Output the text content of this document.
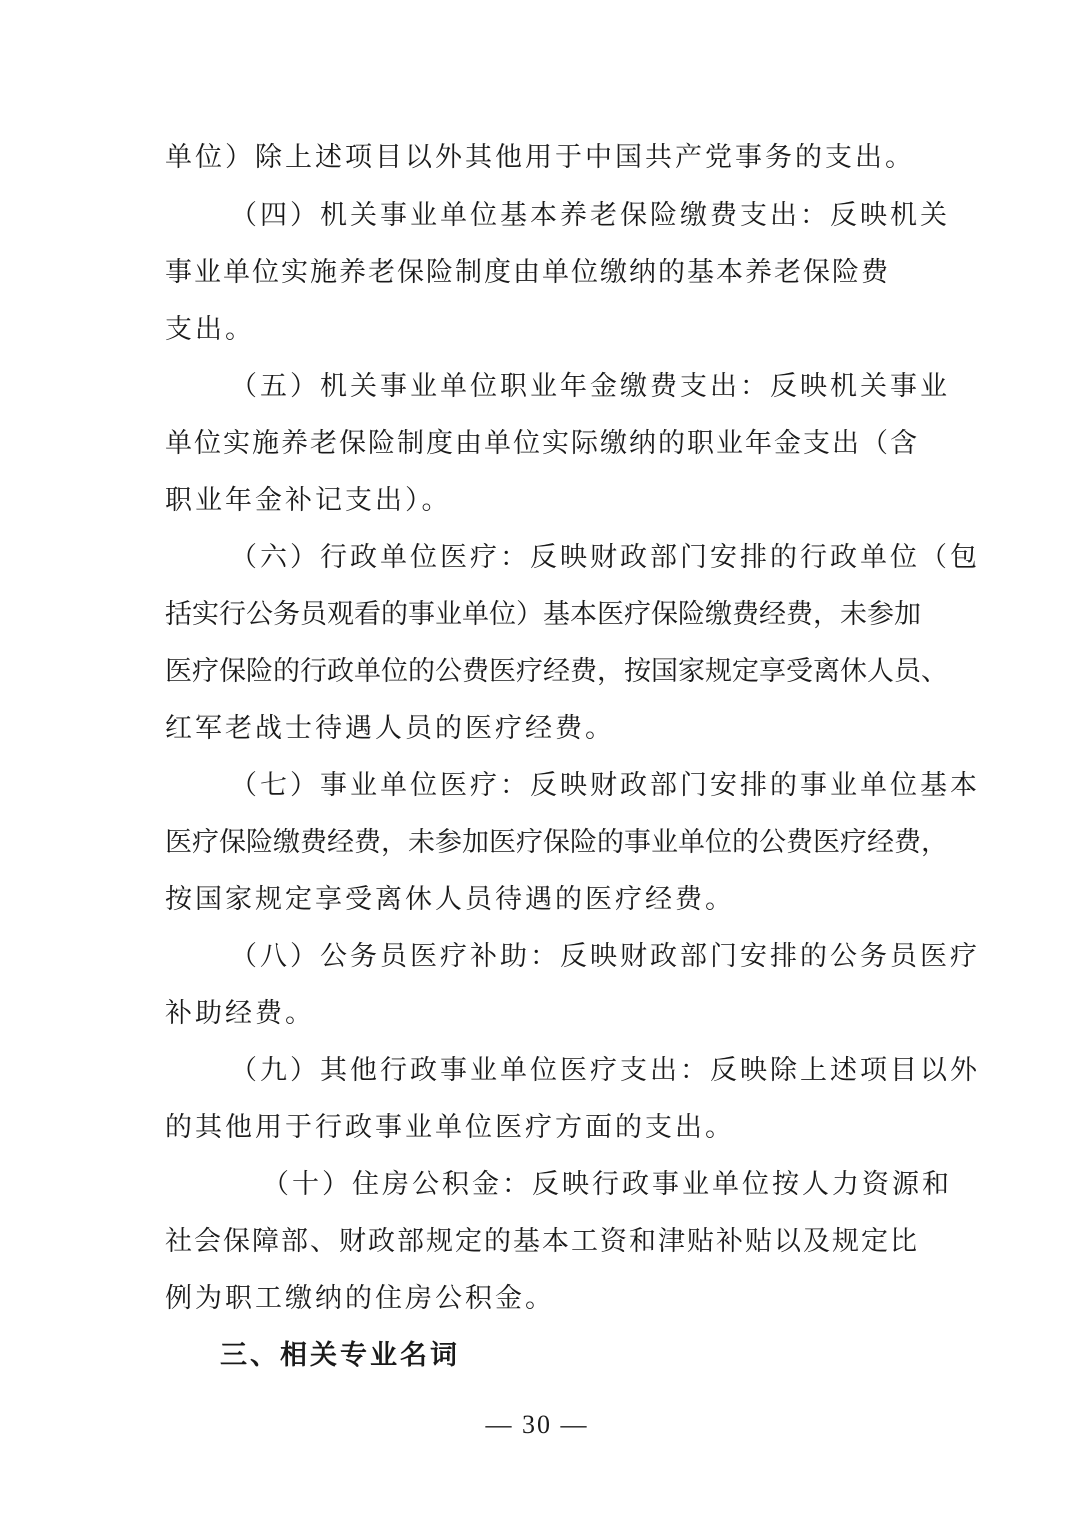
单位）除上述项目以外其他用于中国共产党事务的支出。
（四）机关事业单位基本养老保险缴费支出：反映机关
事业单位实施养老保险制度由单位缴纳的基本养老保险费
支出。
（五）机关事业单位职业年金缴费支出：反映机关事业
单位实施养老保险制度由单位实际缴纳的职业年金支出（含
职业年金补记支出）。
（六）行政单位医疗：反映财政部门安排的行政单位（包
括实行公务员观看的事业单位）基本医疗保险缴费经费，未参加
医疗保险的行政单位的公费医疗经费，按国家规定享受离休人员、
红军老战士待遇人员的医疗经费。
（七）事业单位医疗：反映财政部门安排的事业单位基本
医疗保险缴费经费，未参加医疗保险的事业单位的公费医疗经费，
按国家规定享受离休人员待遇的医疗经费。
（八）公务员医疗补助：反映财政部门安排的公务员医疗
补助经费。
（九）其他行政事业单位医疗支出：反映除上述项目以外
的其他用于行政事业单位医疗方面的支出。
（十）住房公积金：反映行政事业单位按人力资源和
社会保障部、财政部规定的基本工资和津贴补贴以及规定比
例为职工缴纳的住房公积金。
三、相关专业名词
— 30 —
